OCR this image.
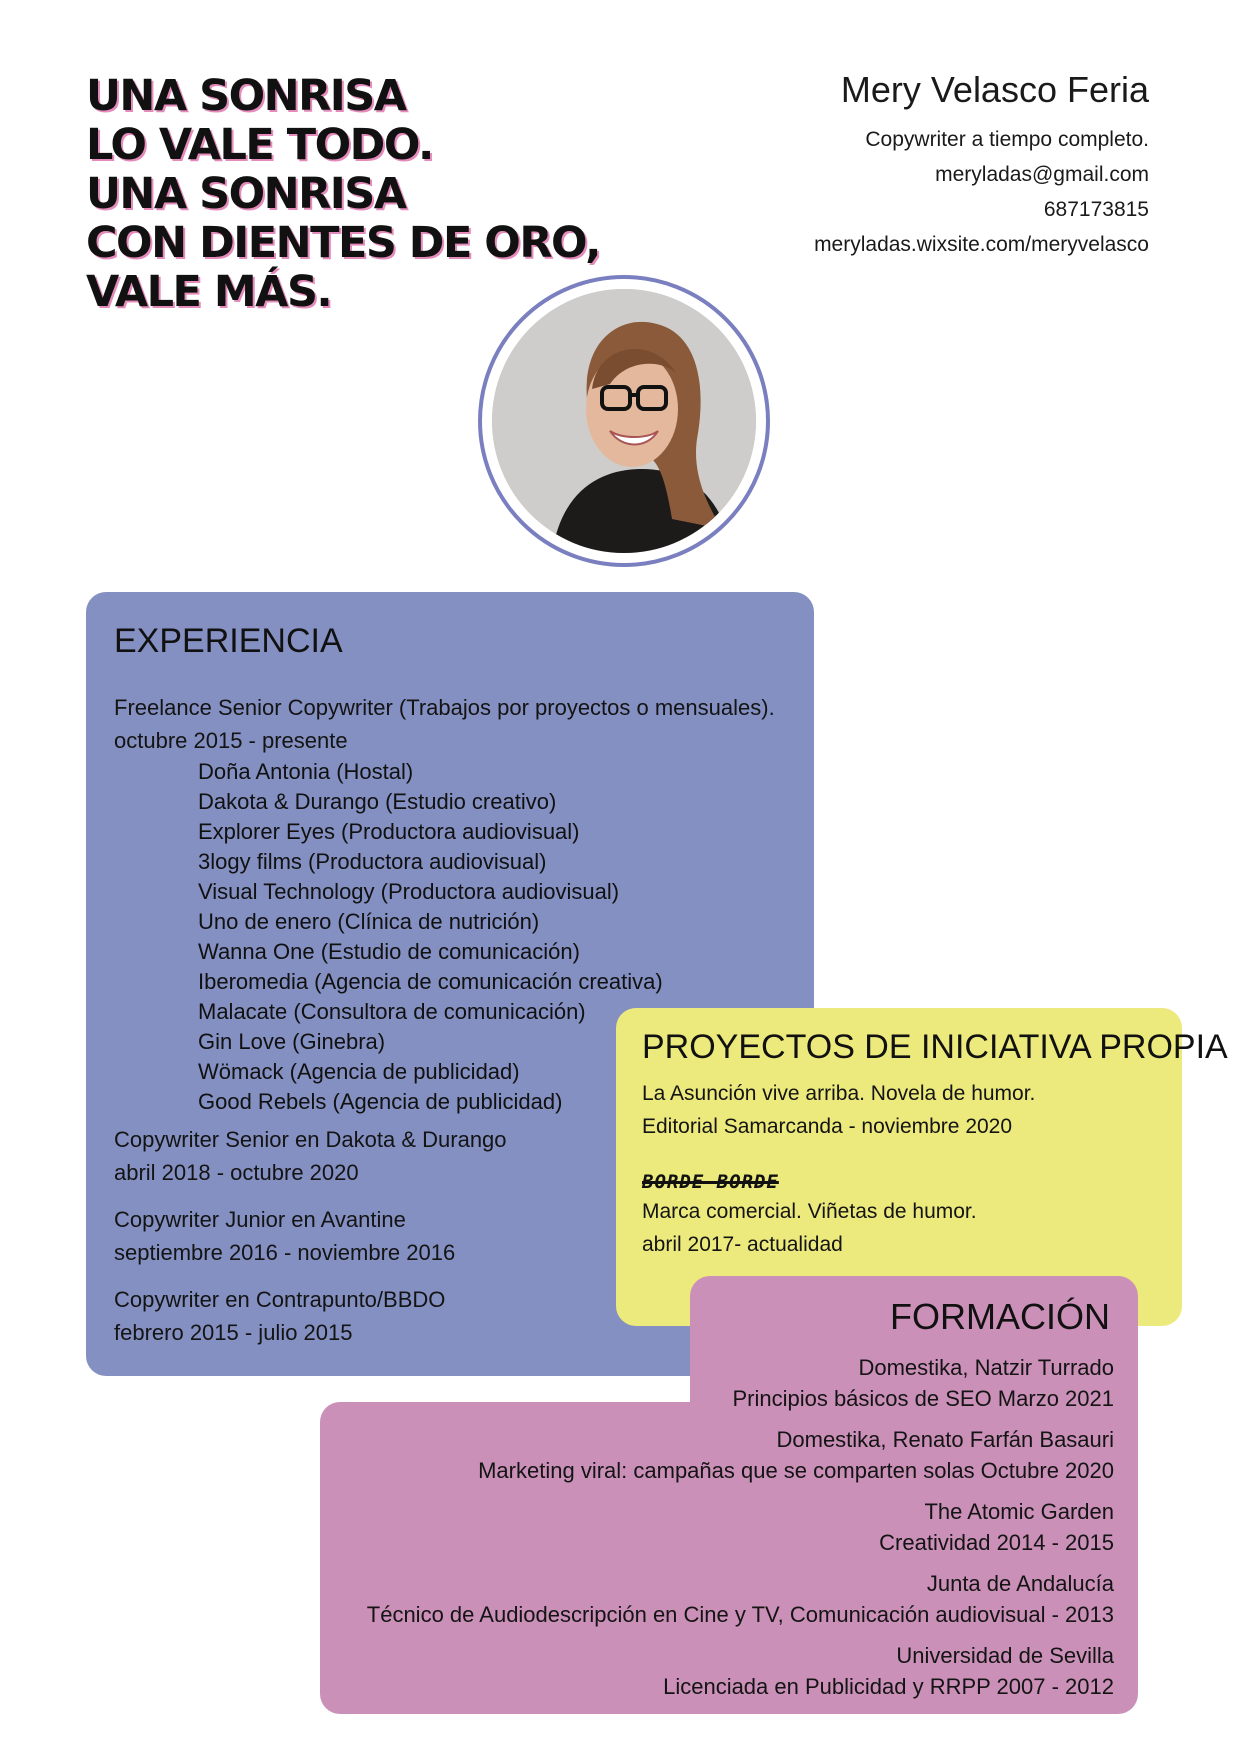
UNA SONRISA
LO VALE TODO.
UNA SONRISA
CON DIENTES DE ORO,
VALE MÁS.
Mery Velasco Feria
Copywriter a tiempo completo.
meryladas@gmail.com
687173815
meryladas.wixsite.com/meryvelasco
EXPERIENCIA
Freelance Senior Copywriter (Trabajos por proyectos o mensuales).
octubre 2015 - presente
Doña Antonia (Hostal)
Dakota & Durango (Estudio creativo)
Explorer Eyes (Productora audiovisual)
3logy films (Productora audiovisual)
Visual Technology (Productora audiovisual)
Uno de enero (Clínica de nutrición)
Wanna One (Estudio de comunicación)
Iberomedia (Agencia de comunicación creativa)
Malacate (Consultora de comunicación)
Gin Love (Ginebra)
Wömack (Agencia de publicidad)
Good Rebels (Agencia de publicidad)
Copywriter Senior en Dakota & Durango
abril 2018 - octubre 2020
Copywriter Junior en Avantine
septiembre 2016 - noviembre 2016
Copywriter en Contrapunto/BBDO
febrero 2015 - julio 2015
PROYECTOS DE INICIATIVA PROPIA
La Asunción vive arriba. Novela de humor.
Editorial Samarcanda - noviembre 2020
BORDE BORDE
Marca comercial. Viñetas de humor.
abril 2017- actualidad
FORMACIÓN
Domestika, Natzir Turrado
Principios básicos de SEO Marzo 2021
Domestika, Renato Farfán Basauri
Marketing viral: campañas que se comparten solas Octubre 2020
The Atomic Garden
Creatividad 2014 - 2015
Junta de Andalucía
Técnico de Audiodescripción en Cine y TV, Comunicación audiovisual - 2013
Universidad de Sevilla
Licenciada en Publicidad y RRPP 2007 - 2012
